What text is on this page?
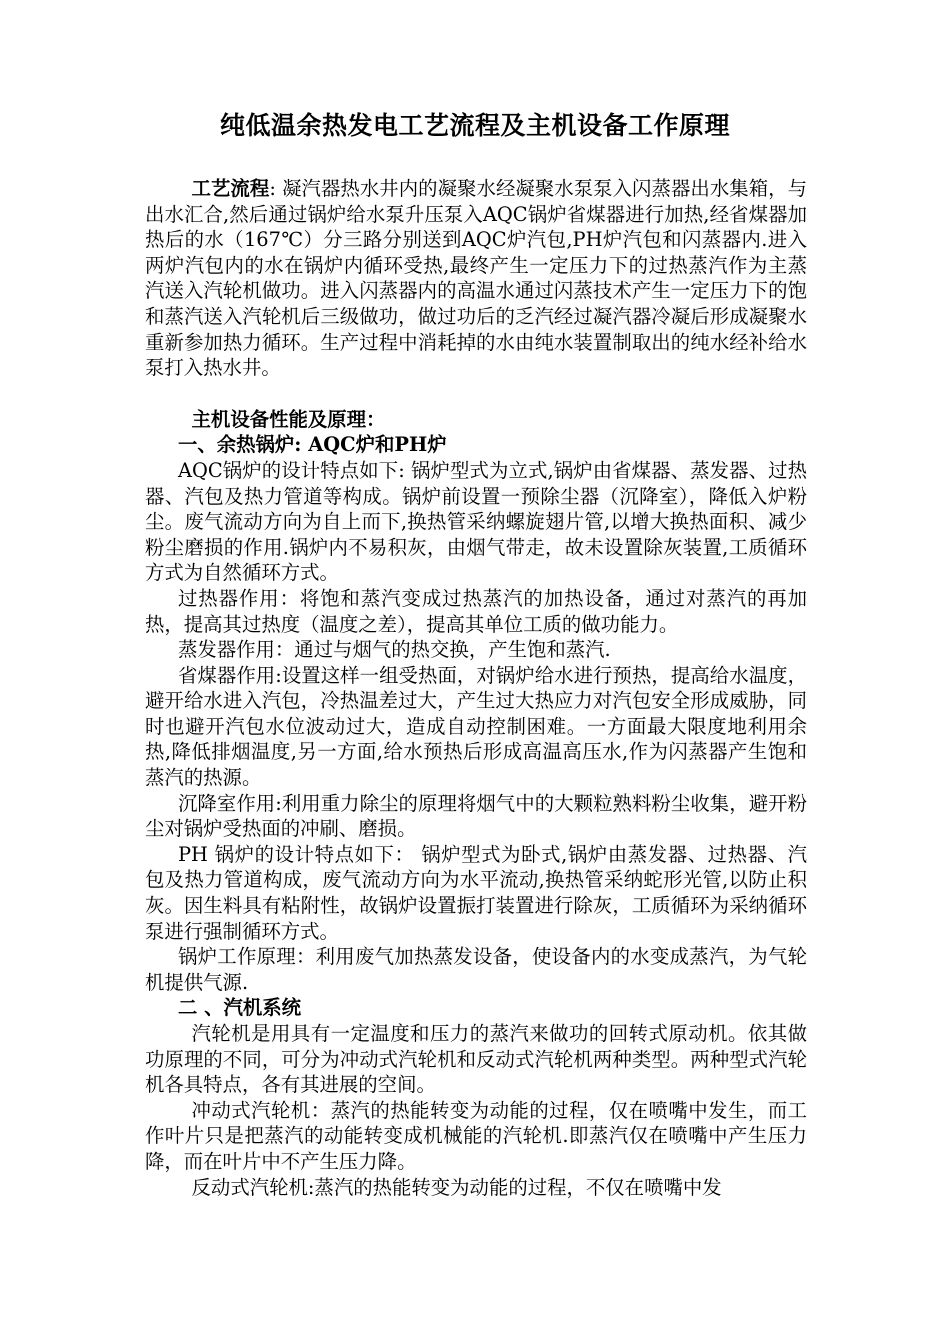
纯低温余热发电工艺流程及主机设备工作原理

工艺流程: 凝汽器热水井内的凝聚水经凝聚水泵泵入闪蒸器出水集箱，与出水汇合,然后通过锅炉给水泵升压泵入AQC锅炉省煤器进行加热,经省煤器加热后的水（167℃）分三路分别送到AQC炉汽包,PH炉汽包和闪蒸器内.进入两炉汽包内的水在锅炉内循环受热,最终产生一定压力下的过热蒸汽作为主蒸汽送入汽轮机做功。进入闪蒸器内的高温水通过闪蒸技术产生一定压力下的饱和蒸汽送入汽轮机后三级做功，做过功后的乏汽经过凝汽器冷凝后形成凝聚水重新参加热力循环。生产过程中消耗掉的水由纯水装置制取出的纯水经补给水泵打入热水井。

主机设备性能及原理：

一、余热锅炉: AQC炉和PH炉

AQC锅炉的设计特点如下: 锅炉型式为立式,锅炉由省煤器、蒸发器、过热器、汽包及热力管道等构成。锅炉前设置一预除尘器（沉降室），降低入炉粉尘。废气流动方向为自上而下,换热管采纳螺旋翅片管,以增大换热面积、减少粉尘磨损的作用.锅炉内不易积灰，由烟气带走，故未设置除灰装置,工质循环方式为自然循环方式。

过热器作用：将饱和蒸汽变成过热蒸汽的加热设备，通过对蒸汽的再加热，提高其过热度（温度之差），提高其单位工质的做功能力。

蒸发器作用：通过与烟气的热交换，产生饱和蒸汽.

省煤器作用:设置这样一组受热面，对锅炉给水进行预热，提高给水温度，避开给水进入汽包，冷热温差过大，产生过大热应力对汽包安全形成威胁，同时也避开汽包水位波动过大，造成自动控制困难。一方面最大限度地利用余热,降低排烟温度,另一方面,给水预热后形成高温高压水,作为闪蒸器产生饱和蒸汽的热源。

沉降室作用:利用重力除尘的原理将烟气中的大颗粒熟料粉尘收集，避开粉尘对锅炉受热面的冲刷、磨损。

PH 锅炉的设计特点如下： 锅炉型式为卧式,锅炉由蒸发器、过热器、汽包及热力管道构成，废气流动方向为水平流动,换热管采纳蛇形光管,以防止积灰。因生料具有粘附性，故锅炉设置振打装置进行除灰，工质循环为采纳循环泵进行强制循环方式。

锅炉工作原理：利用废气加热蒸发设备，使设备内的水变成蒸汽，为气轮机提供气源.

二 、汽机系统

汽轮机是用具有一定温度和压力的蒸汽来做功的回转式原动机。依其做功原理的不同，可分为冲动式汽轮机和反动式汽轮机两种类型。两种型式汽轮机各具特点，各有其进展的空间。

冲动式汽轮机：蒸汽的热能转变为动能的过程，仅在喷嘴中发生，而工作叶片只是把蒸汽的动能转变成机械能的汽轮机.即蒸汽仅在喷嘴中产生压力降，而在叶片中不产生压力降。

反动式汽轮机:蒸汽的热能转变为动能的过程，不仅在喷嘴中发
